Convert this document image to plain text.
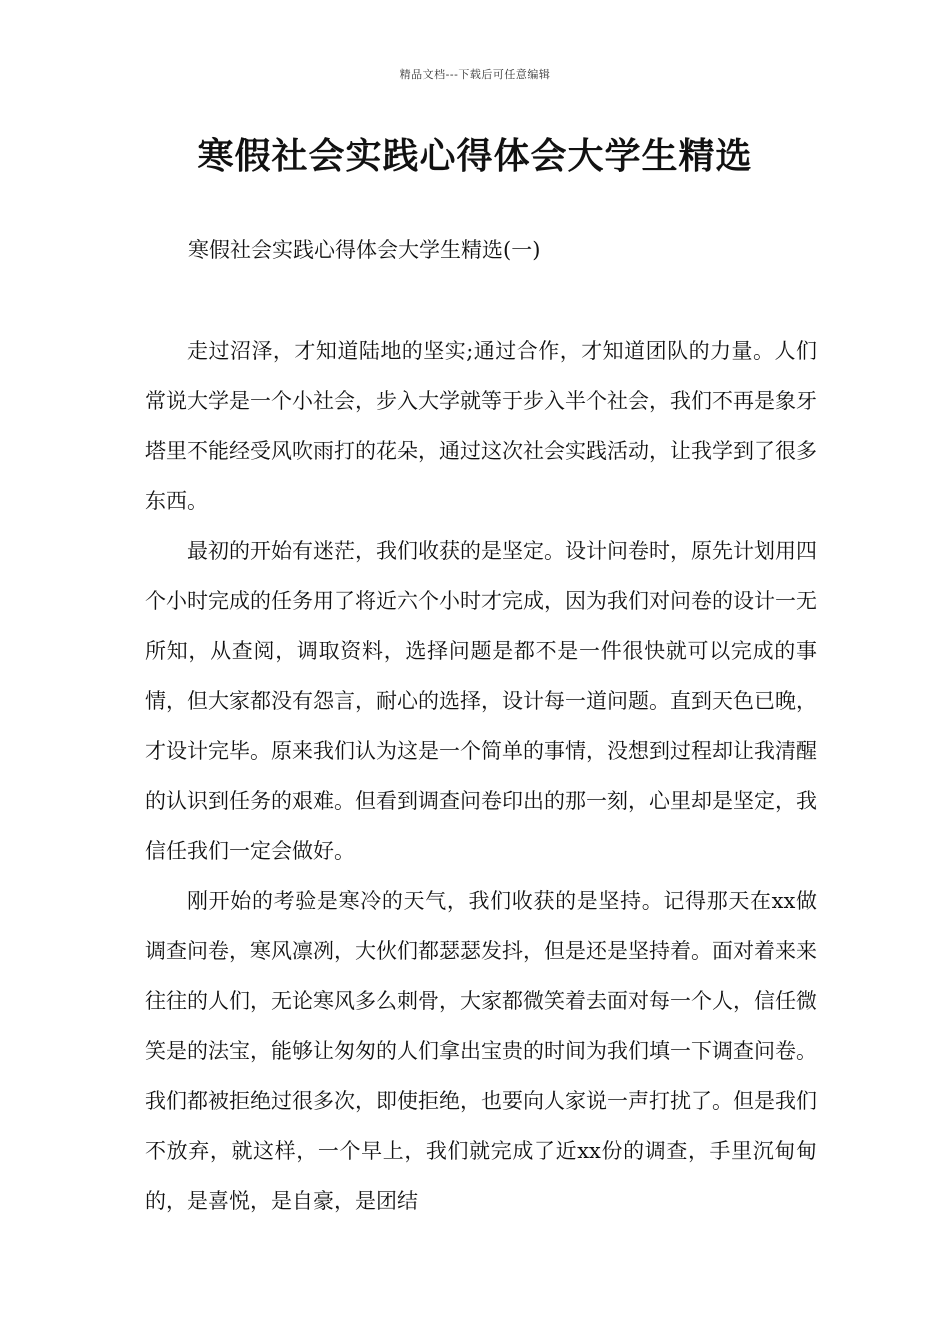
精品文档---下载后可任意编辑
寒假社会实践心得体会大学生精选

寒假社会实践心得体会大学生精选(一)

走过沼泽，才知道陆地的坚实;通过合作，才知道团队的力量。人们常说大学是一个小社会，步入大学就等于步入半个社会，我们不再是象牙塔里不能经受风吹雨打的花朵，通过这次社会实践活动，让我学到了很多东西。

最初的开始有迷茫，我们收获的是坚定。设计问卷时，原先计划用四个小时完成的任务用了将近六个小时才完成，因为我们对问卷的设计一无所知，从查阅，调取资料，选择问题是都不是一件很快就可以完成的事情，但大家都没有怨言，耐心的选择，设计每一道问题。直到天色已晚，才设计完毕。原来我们认为这是一个简单的事情，没想到过程却让我清醒的认识到任务的艰难。但看到调查问卷印出的那一刻，心里却是坚定，我信任我们一定会做好。

刚开始的考验是寒冷的天气，我们收获的是坚持。记得那天在xx做调查问卷，寒风凛冽，大伙们都瑟瑟发抖，但是还是坚持着。面对着来来往往的人们，无论寒风多么刺骨，大家都微笑着去面对每一个人，信任微笑是的法宝，能够让匆匆的人们拿出宝贵的时间为我们填一下调查问卷。我们都被拒绝过很多次，即使拒绝，也要向人家说一声打扰了。但是我们不放弃，就这样，一个早上，我们就完成了近xx份的调查，手里沉甸甸的，是喜悦，是自豪，是团结
